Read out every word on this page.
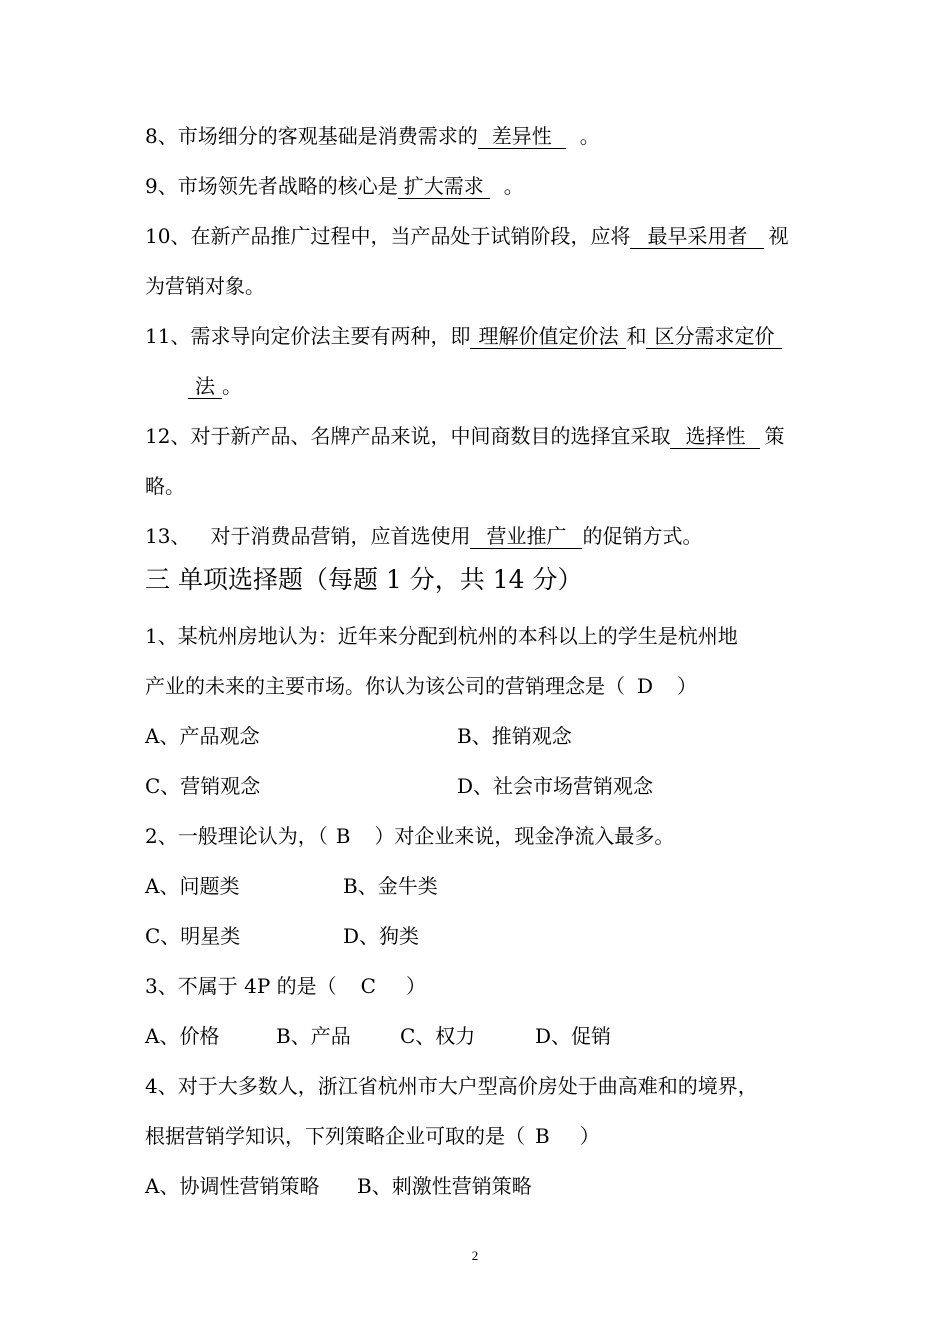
8、市场细分的客观基础是消费需求的 差异性 。
9、市场领先者战略的核心是 扩大需求 。
10、在新产品推广过程中，当产品处于试销阶段，应将 最早采用者 视
为营销对象。
11、需求导向定价法主要有两种，即 理解价值定价法 和 区分需求定价
法 。
12、对于新产品、名牌产品来说，中间商数目的选择宜采取 选择性 策
略。
13、 对于消费品营销，应首选使用 营业推广 的促销方式。
三 单项选择题（每题 1 分，共 14 分）
1、某杭州房地认为：近年来分配到杭州的本科以上的学生是杭州地
产业的未来的主要市场。你认为该公司的营销理念是（ D ）
A、产品观念	B、推销观念
C、营销观念	D、社会市场营销观念
2、一般理论认为，（ B ）对企业来说，现金净流入最多。
A、问题类	B、金牛类
C、明星类	D、狗类
3、不属于 4P 的是（ C ）
A、价格	B、产品 C、权力	D、促销
4、对于大多数人，浙江省杭州市大户型高价房处于曲高难和的境界，
根据营销学知识，下列策略企业可取的是（ B ）
A、协调性营销策略 B、刺激性营销策略
2
